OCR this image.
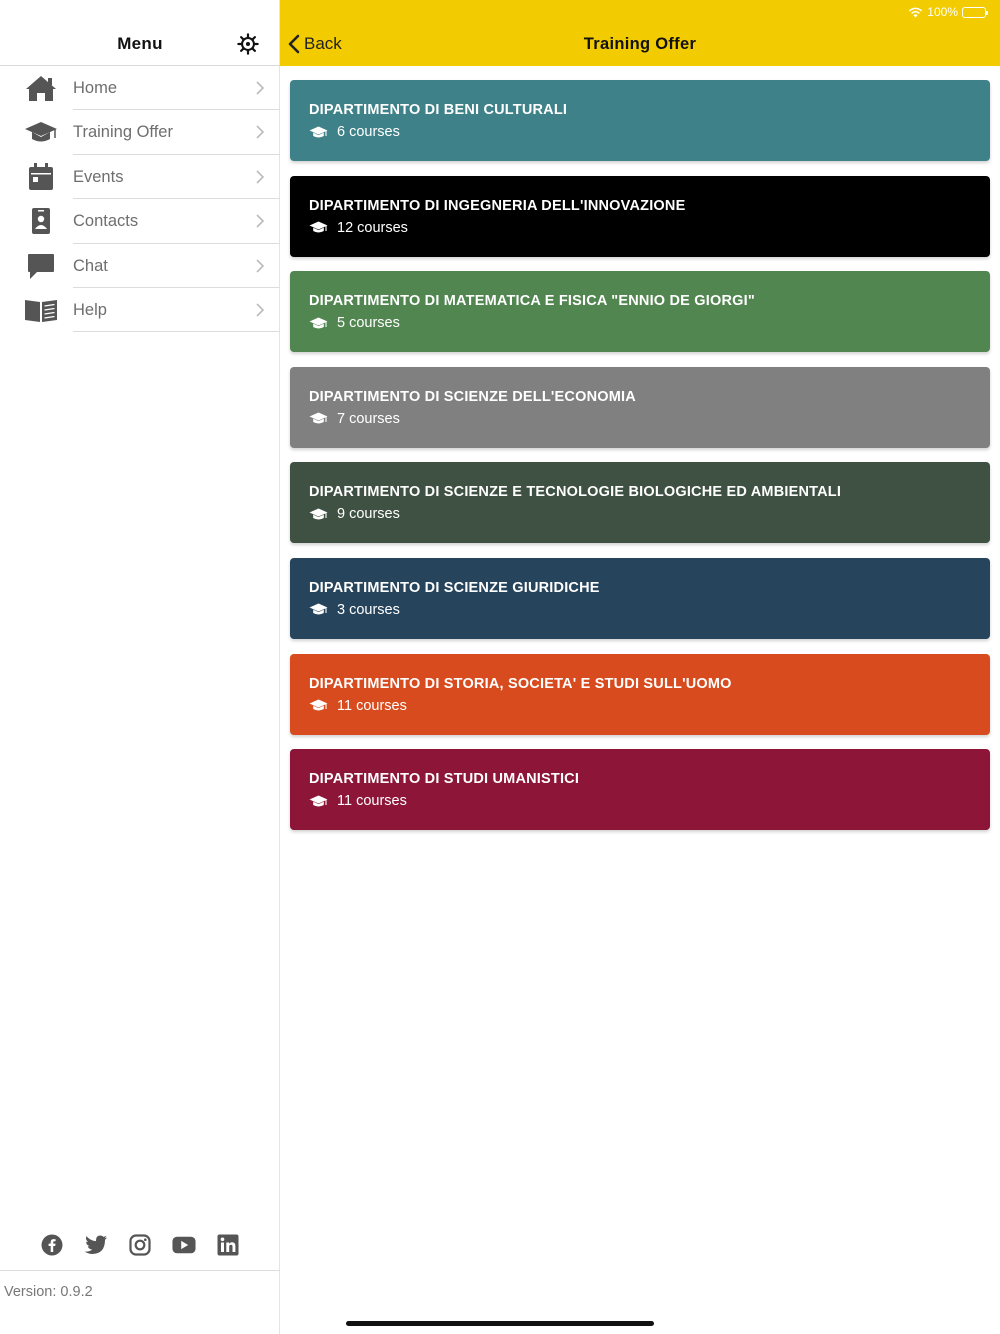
Menu
Home
Training Offer
Events
Contacts
Chat
Help
Version: 0.9.2
100%
Back	Training Offer
DIPARTIMENTO DI BENI CULTURALI
6 courses
DIPARTIMENTO DI INGEGNERIA DELL'INNOVAZIONE
12 courses
DIPARTIMENTO DI MATEMATICA E FISICA "ENNIO DE GIORGI"
5 courses
DIPARTIMENTO DI SCIENZE DELL'ECONOMIA
7 courses
DIPARTIMENTO DI SCIENZE E TECNOLOGIE BIOLOGICHE ED AMBIENTALI
9 courses
DIPARTIMENTO DI SCIENZE GIURIDICHE
3 courses
DIPARTIMENTO DI STORIA, SOCIETA' E STUDI SULL'UOMO
11 courses
DIPARTIMENTO DI STUDI UMANISTICI
11 courses
